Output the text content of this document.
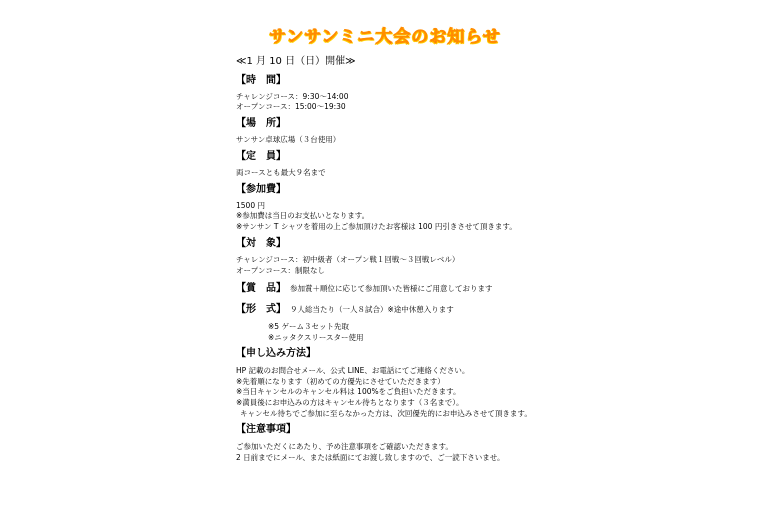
サンサンミニ大会のお知らせ
≪1 月 10 日（日）開催≫
【時　間】
チャレンジコース：9:30～14:00
オープンコース：15:00～19:30
【場　所】
サンサン卓球広場（３台使用）
【定　員】
両コースとも最大９名まで
【参加費】
1500 円
※参加費は当日のお支払いとなります。
※サンサン T シャツを着用の上ご参加頂けたお客様は 100 円引きさせて頂きます。
【対　象】
チャレンジコース：初中級者（オープン戦１回戦～３回戦レベル）
オープンコース：制限なし
【賞　品】 参加賞＋順位に応じて参加頂いた皆様にご用意しております
【形　式】 ９人総当たり（一人８試合）※途中休憩入ります
※5 ゲーム３セット先取
※ニッタクスリースター使用
【申し込み方法】
HP 記載のお問合せメール、公式 LINE、お電話にてご連絡ください。
※先着順になります（初めての方優先にさせていただきます）
※当日キャンセルのキャンセル料は 100%をご負担いただきます。
※満員後にお申込みの方はキャンセル待ちとなります（３名まで）。
キャンセル待ちでご参加に至らなかった方は、次回優先的にお申込みさせて頂きます。
【注意事項】
ご参加いただくにあたり、予め注意事項をご確認いただきます。
2 日前までにメール、または紙面にてお渡し致しますので、ご一読下さいませ。
